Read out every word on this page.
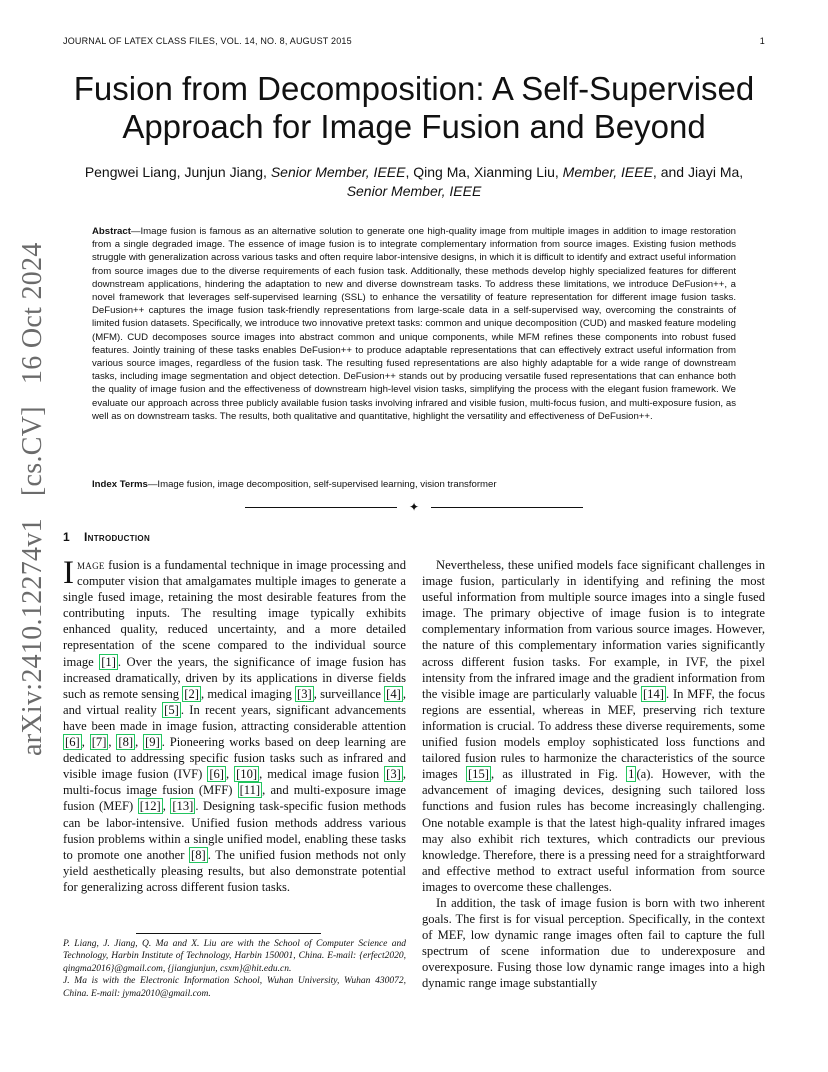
JOURNAL OF LATEX CLASS FILES, VOL. 14, NO. 8, AUGUST 2015	1
Fusion from Decomposition: A Self-Supervised
Approach for Image Fusion and Beyond
Pengwei Liang, Junjun Jiang, Senior Member, IEEE, Qing Ma, Xianming Liu, Member, IEEE, and Jiayi Ma, Senior Member, IEEE
Abstract—Image fusion is famous as an alternative solution to generate one high-quality image from multiple images in addition to image restoration from a single degraded image. The essence of image fusion is to integrate complementary information from source images. Existing fusion methods struggle with generalization across various tasks and often require labor-intensive designs, in which it is difficult to identify and extract useful information from source images due to the diverse requirements of each fusion task. Additionally, these methods develop highly specialized features for different downstream applications, hindering the adaptation to new and diverse downstream tasks. To address these limitations, we introduce DeFusion++, a novel framework that leverages self-supervised learning (SSL) to enhance the versatility of feature representation for different image fusion tasks. DeFusion++ captures the image fusion task-friendly representations from large-scale data in a self-supervised way, overcoming the constraints of limited fusion datasets. Specifically, we introduce two innovative pretext tasks: common and unique decomposition (CUD) and masked feature modeling (MFM). CUD decomposes source images into abstract common and unique components, while MFM refines these components into robust fused features. Jointly training of these tasks enables DeFusion++ to produce adaptable representations that can effectively extract useful information from various source images, regardless of the fusion task. The resulting fused representations are also highly adaptable for a wide range of downstream tasks, including image segmentation and object detection. DeFusion++ stands out by producing versatile fused representations that can enhance both the quality of image fusion and the effectiveness of downstream high-level vision tasks, simplifying the process with the elegant fusion framework. We evaluate our approach across three publicly available fusion tasks involving infrared and visible fusion, multi-focus fusion, and multi-exposure fusion, as well as on downstream tasks. The results, both qualitative and quantitative, highlight the versatility and effectiveness of DeFusion++.
Index Terms—Image fusion, image decomposition, self-supervised learning, vision transformer
✦
1 Introduction

Image fusion is a fundamental technique in image processing and computer vision that amalgamates multiple images to generate a single fused image, retaining the most desirable features from the contributing inputs. The resulting image typically exhibits enhanced quality, reduced uncertainty, and a more detailed representation of the scene compared to the individual source image [1] . Over the years, the significance of image fusion has increased dramatically, driven by its applications in diverse fields such as remote sensing [2] , medical imaging [3] , surveillance [4] , and virtual reality [5] . In recent years, significant advancements have been made in image fusion, attracting considerable attention [6] , [7] , [8] , [9] . Pioneering works based on deep learning are dedicated to addressing specific fusion tasks such as infrared and visible image fusion (IVF) [6] , [10] , medical image fusion [3] , multi-focus image fusion (MFF) [11] , and multi-exposure image fusion (MEF) [12] , [13] . Designing task-specific fusion methods can be labor-intensive. Unified fusion methods address various fusion problems within a single unified model, enabling these tasks to promote one another [8] . The unified fusion methods not only yield aesthetically pleasing results, but also demonstrate potential for generalizing across different fusion tasks.

P. Liang, J. Jiang, Q. Ma and X. Liu are with the School of Computer Science and Technology, Harbin Institute of Technology, Harbin 150001, China. E-mail: {erfect2020, qingma2016}@gmail.com, {jiangjunjun, csxm}@hit.edu.cn.

J. Ma is with the Electronic Information School, Wuhan University, Wuhan 430072, China. E-mail: jyma2010@gmail.com.

Nevertheless, these unified models face significant challenges in image fusion, particularly in identifying and refining the most useful information from multiple source images into a single fused image. The primary objective of image fusion is to integrate complementary information from various source images. However, the nature of this complementary information varies significantly across different fusion tasks. For example, in IVF, the pixel intensity from the infrared image and the gradient information from the visible image are particularly valuable [14] . In MFF, the focus regions are essential, whereas in MEF, preserving rich texture information is crucial. To address these diverse requirements, some unified fusion models employ sophisticated loss functions and tailored fusion rules to harmonize the characteristics of the source images [15] , as illustrated in Fig. 1 (a). However, with the advancement of imaging devices, designing such tailored loss functions and fusion rules has become increasingly challenging. One notable example is that the latest high-quality infrared images may also exhibit rich textures, which contradicts our previous knowledge. Therefore, there is a pressing need for a straightforward and effective method to extract useful information from source images to overcome these challenges.

In addition, the task of image fusion is born with two inherent goals. The first is for visual perception. Specifically, in the context of MEF, low dynamic range images often fail to capture the full spectrum of scene information due to underexposure and overexposure. Fusing those low dynamic range images into a high dynamic range image substantially

arXiv:2410.12274v1[cs.CV]16 Oct 2024
